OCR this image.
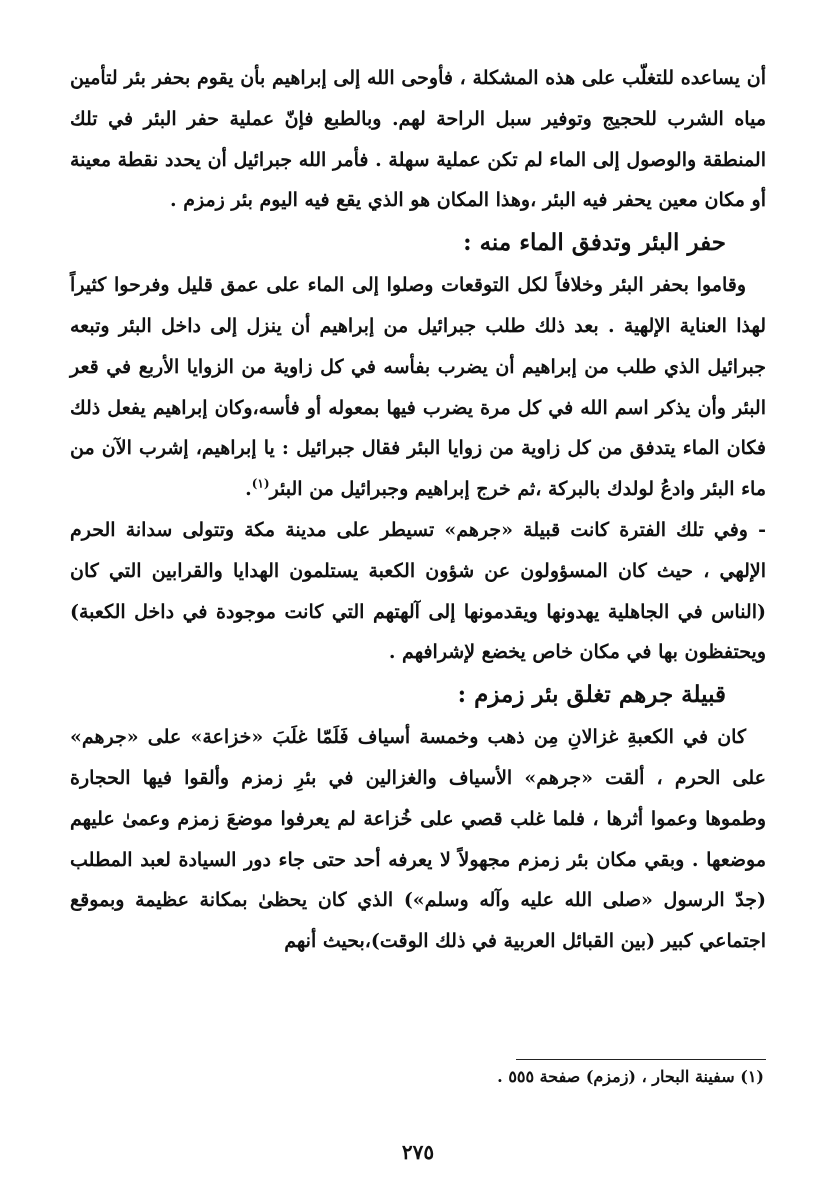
أن يساعده للتغلّب على هذه المشكلة ، فأوحى الله إلى إبراهيم بأن يقوم بحفر بئر لتأمين مياه الشرب للحجيج وتوفير سبل الراحة لهم. وبالطبع فإنّ عملية حفر البئر في تلك المنطقة والوصول إلى الماء لم تكن عملية سهلة . فأمر الله جبرائيل أن يحدد نقطة معينة أو مكان معين يحفر فيه البئر ،وهذا المكان هو الذي يقع فيه اليوم بئر زمزم .

حفر البئر وتدفق الماء منه :

وقاموا بحفر البئر وخلافاً لكل التوقعات وصلوا إلى الماء على عمق قليل وفرحوا كثيراً لهذا العناية الإلهية . بعد ذلك طلب جبرائيل من إبراهيم أن ينزل إلى داخل البئر وتبعه جبرائيل الذي طلب من إبراهيم أن يضرب بفأسه في كل زاوية من الزوايا الأربع في قعر البئر وأن يذكر اسم الله في كل مرة يضرب فيها بمعوله أو فأسه،وكان إبراهيم يفعل ذلك فكان الماء يتدفق من كل زاوية من زوايا البئر فقال جبرائيل : يا إبراهيم، إشرب الآن من ماء البئر وادعُ لولدك بالبركة ،ثم خرج إبراهيم وجبرائيل من البئر$^{(١)}$.

- وفي تلك الفترة كانت قبيلة «جرهم» تسيطر على مدينة مكة وتتولى سدانة الحرم الإلهي ، حيث كان المسؤولون عن شؤون الكعبة يستلمون الهدايا والقرابين التي كان (الناس في الجاهلية يهدونها ويقدمونها إلى آلهتهم التي كانت موجودة في داخل الكعبة) ويحتفظون بها في مكان خاص يخضع لإشرافهم .

قبيلة جرهم تغلق بئر زمزم :

كان في الكعبةِ غزالانِ مِن ذهب وخمسة أسياف فَلَمّا غلَبَ «خزاعة» على «جرهم» على الحرم ، ألقت «جرهم» الأسياف والغزالين في بئرِ زمزم وألقوا فيها الحجارة وطموها وعموا أثرها ، فلما غلب قصي على خُزاعة لم يعرفوا موضعَ زمزم وعمىٰ عليهم موضعها . وبقي مكان بئر زمزم مجهولاً لا يعرفه أحد حتى جاء دور السيادة لعبد المطلب (جدّ الرسول «صلى الله عليه وآله وسلم») الذي كان يحظىٰ بمكانة عظيمة وبموقع اجتماعي كبير (بين القبائل العربية في ذلك الوقت)،بحيث أنهم

(١) سفينة البحار ، (زمزم) صفحة ٥٥٥ .

٢٧٥
